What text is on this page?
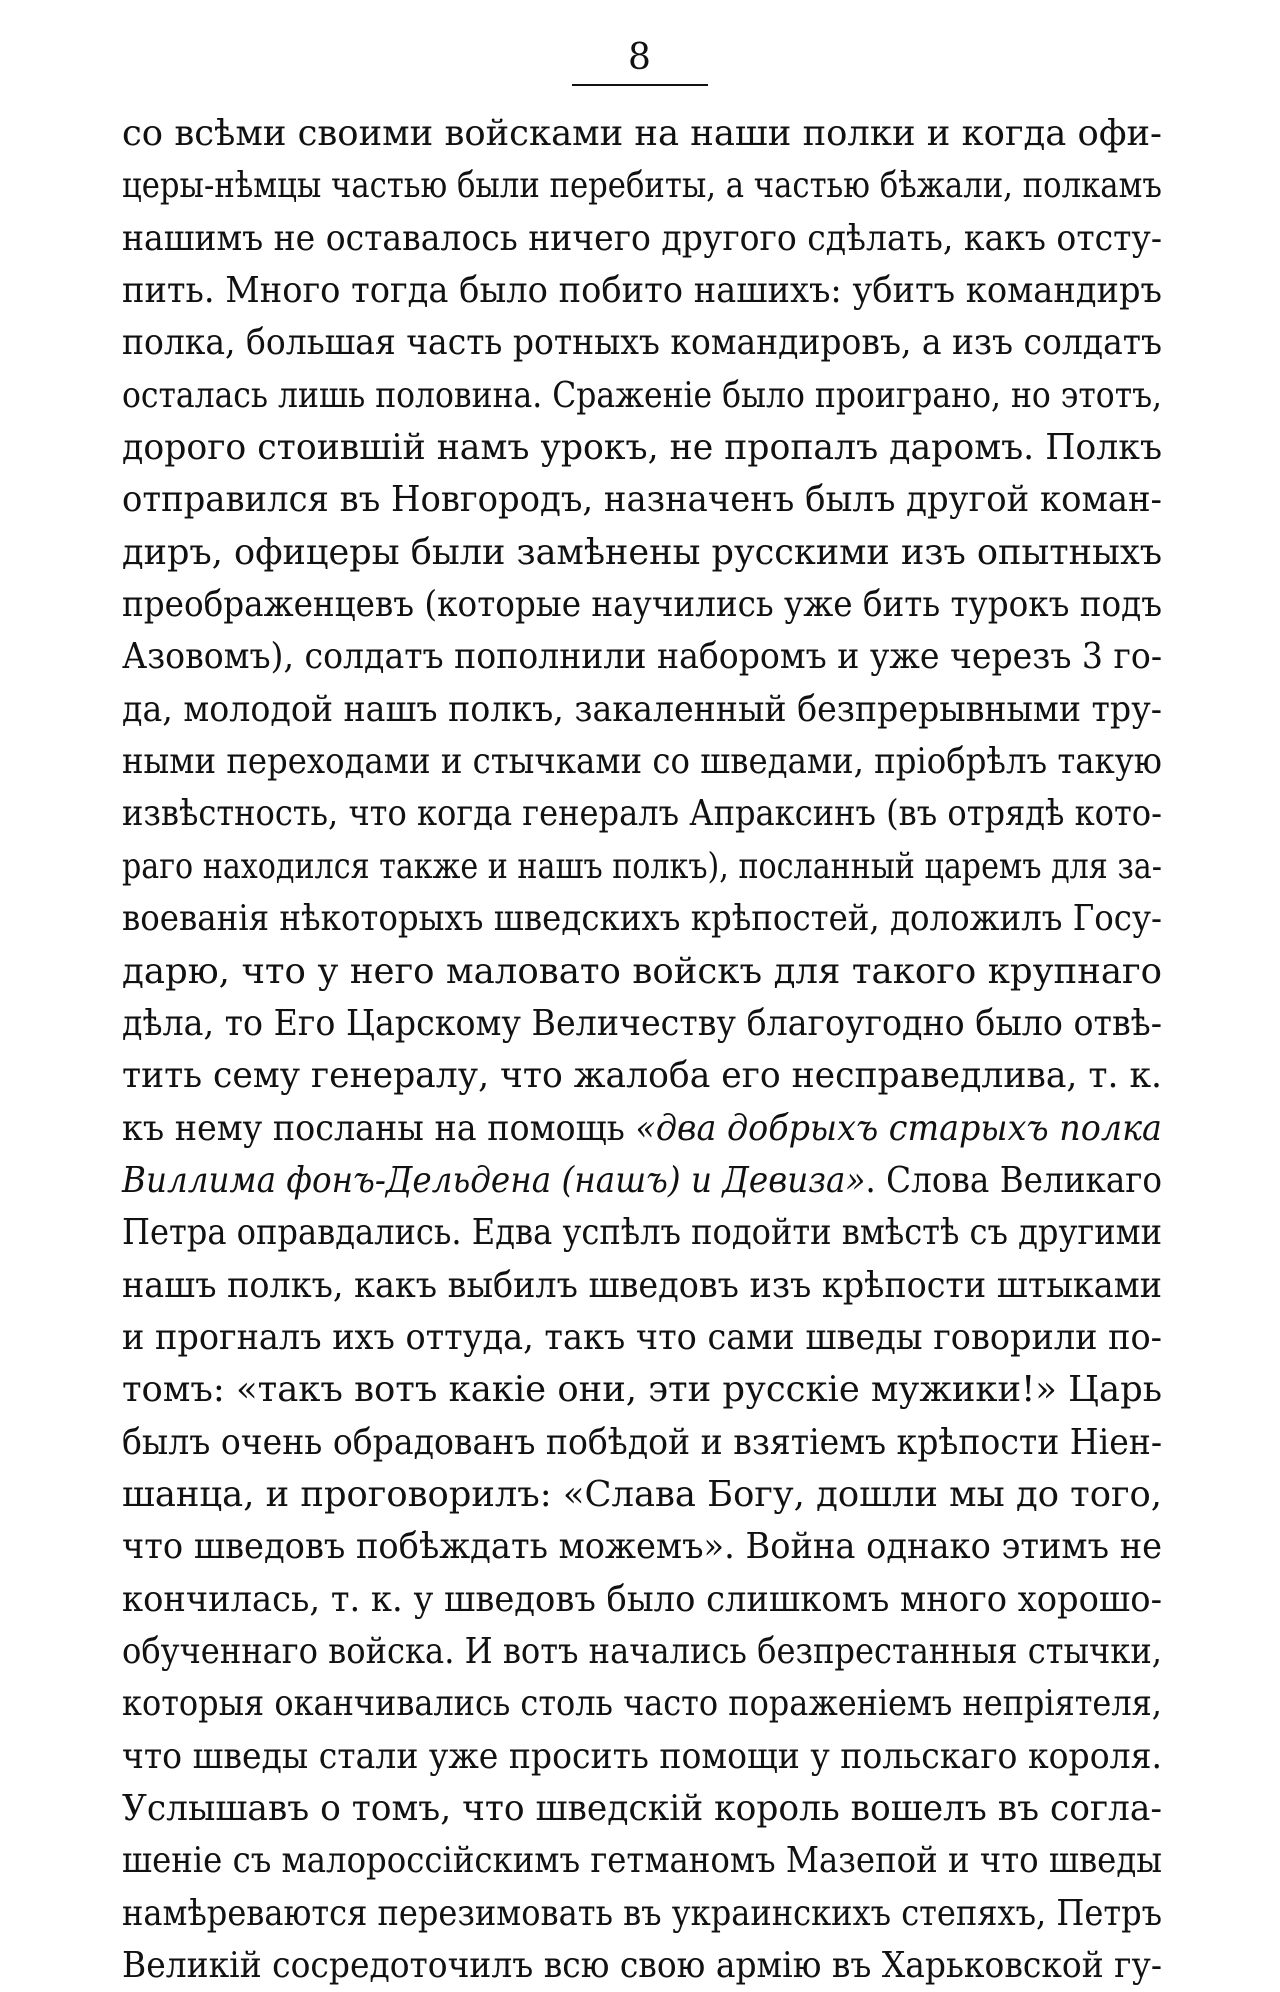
8
со всѣми своими войсками на наши полки и когда офи-
церы-нѣмцы частью были перебиты, а частью бѣжали, полкамъ
нашимъ не оставалось ничего другого сдѣлать, какъ отсту-
пить. Много тогда было побито нашихъ: убитъ командиръ
полка, большая часть ротныхъ командировъ, а изъ солдатъ
осталась лишь половина. Сраженіе было проиграно, но этотъ,
дорого стоившій намъ урокъ, не пропалъ даромъ. Полкъ
отправился въ Новгородъ, назначенъ былъ другой коман-
диръ, офицеры были замѣнены русскими изъ опытныхъ
преображенцевъ (которые научились уже бить турокъ подъ
Азовомъ), солдатъ пополнили наборомъ и уже черезъ 3 го-
да, молодой нашъ полкъ, закаленный безпрерывными тру-
ными переходами и стычками со шведами, пріобрѣлъ такую
извѣстность, что когда генералъ Апраксинъ (въ отрядѣ кото-
раго находился также и нашъ полкъ), посланный царемъ для за-
воеванія нѣкоторыхъ шведскихъ крѣпостей, доложилъ Госу-
дарю, что у него маловато войскъ для такого крупнаго
дѣла, то Его Царскому Величеству благоугодно было отвѣ-
тить сему генералу, что жалоба его несправедлива, т. к.
къ нему посланы на помощь «два добрыхъ старыхъ полка
Виллима фонъ-Дельдена (нашъ) и Девиза». Слова Великаго
Петра оправдались. Едва успѣлъ подойти вмѣстѣ съ другими
нашъ полкъ, какъ выбилъ шведовъ изъ крѣпости штыками
и прогналъ ихъ оттуда, такъ что сами шведы говорили по-
томъ: «такъ вотъ какіе они, эти русскіе мужики!» Царь
былъ очень обрадованъ побѣдой и взятіемъ крѣпости Ніен-
шанца, и проговорилъ: «Слава Богу, дошли мы до того,
что шведовъ побѣждать можемъ». Война однако этимъ не
кончилась, т. к. у шведовъ было слишкомъ много хорошо-
обученнаго войска. И вотъ начались безпрестанныя стычки,
которыя оканчивались столь часто пораженіемъ непріятеля,
что шведы стали уже просить помощи у польскаго короля.
Услышавъ о томъ, что шведскій король вошелъ въ согла-
шеніе съ малороссійскимъ гетманомъ Мазепой и что шведы
намѣреваются перезимовать въ украинскихъ степяхъ, Петръ
Великій сосредоточилъ всю свою армію въ Харьковской гу-
